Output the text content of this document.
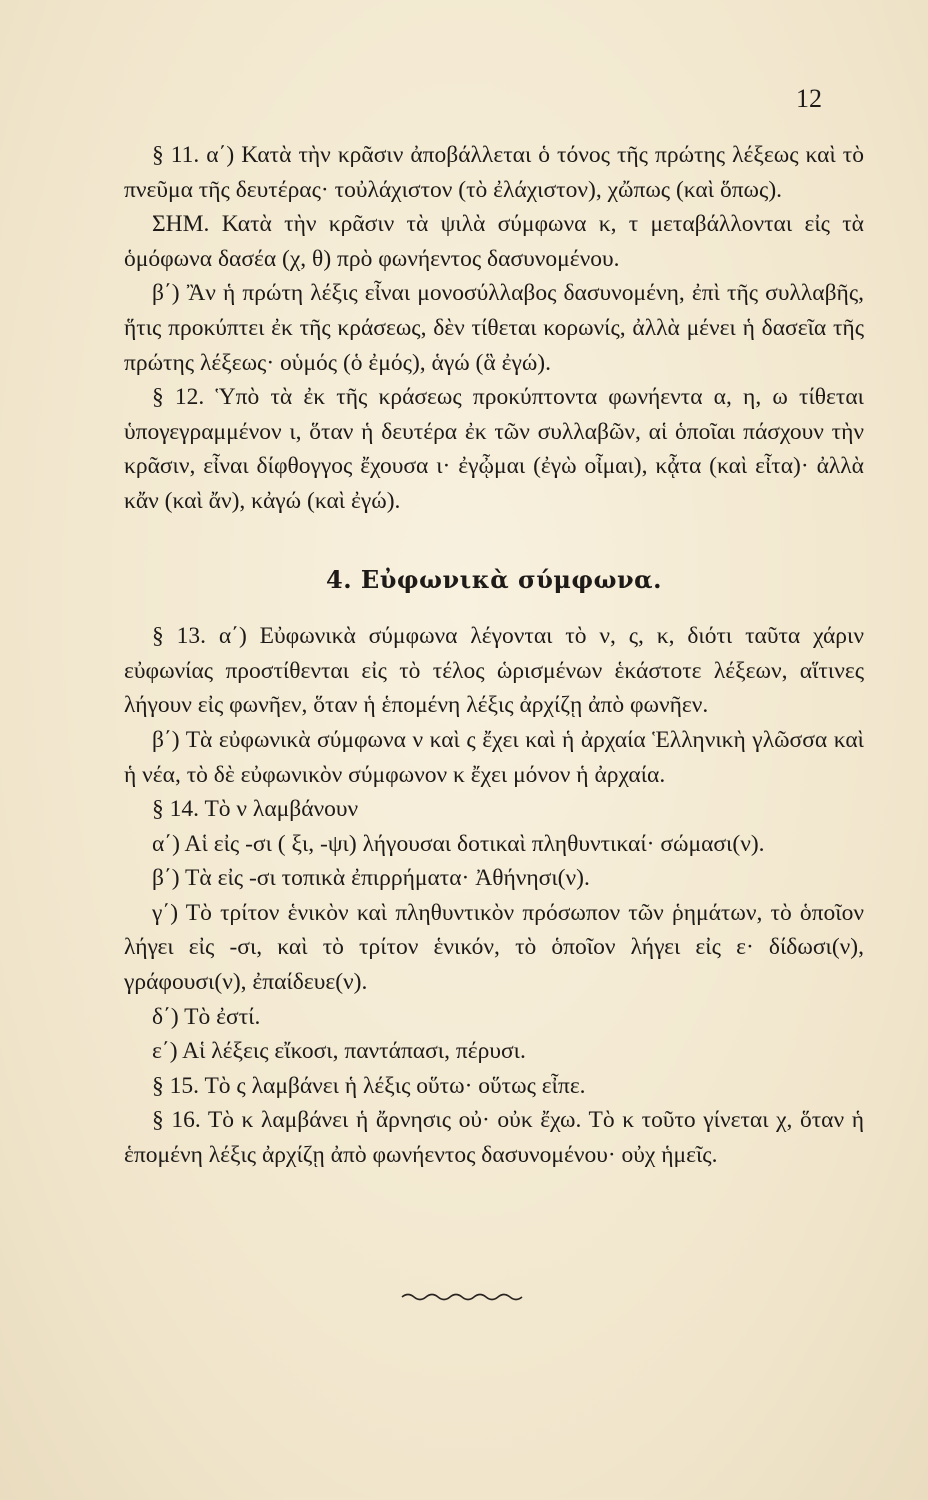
12

§ 11. α΄) Κατὰ τὴν κρᾶσιν ἀποβάλλεται ὁ τόνος τῆς πρώτης λέξεως καὶ τὸ πνεῦμα τῆς δευτέρας· τοὐλάχιστον (τὸ ἐλάχιστον), χὤπως (καὶ ὅπως).

ΣΗΜ. Κατὰ τὴν κρᾶσιν τὰ ψιλὰ σύμφωνα κ, τ μεταβάλλονται εἰς τὰ ὁμόφωνα δασέα (χ, θ) πρὸ φωνήεντος δασυνομένου.

β΄) Ἂν ἡ πρώτη λέξις εἶναι μονοσύλλαβος δασυνομένη, ἐπὶ τῆς συλλαβῆς, ἥτις προκύπτει ἐκ τῆς κράσεως, δὲν τίθεται κορωνίς, ἀλλὰ μένει ἡ δασεῖα τῆς πρώτης λέξεως· οὑμός (ὁ ἐμός), ἁγώ (ἃ ἐγώ).

§ 12. Ὑπὸ τὰ ἐκ τῆς κράσεως προκύπτοντα φωνήεντα α, η, ω τίθεται ὑπογεγραμμένον ι, ὅταν ἡ δευτέρα ἐκ τῶν συλλαβῶν, αἱ ὁποῖαι πάσχουν τὴν κρᾶσιν, εἶναι δίφθογγος ἔχουσα ι· ἐγᾦμαι (ἐγὼ οἶμαι), κᾆτα (καὶ εἶτα)· ἀλλὰ κἄν (καὶ ἄν), κἀγώ (καὶ ἐγώ).

4. Εὐφωνικὰ σύμφωνα.

§ 13. α΄) Εὐφωνικὰ σύμφωνα λέγονται τὸ ν, ς, κ, διότι ταῦτα χάριν εὐφωνίας προστίθενται εἰς τὸ τέλος ὡρισμένων ἑκάστοτε λέξεων, αἵτινες λήγουν εἰς φωνῆεν, ὅταν ἡ ἑπομένη λέξις ἀρχίζῃ ἀπὸ φωνῆεν.

β΄) Τὰ εὐφωνικὰ σύμφωνα ν καὶ ς ἔχει καὶ ἡ ἀρχαία Ἑλληνικὴ γλῶσσα καὶ ἡ νέα, τὸ δὲ εὐφωνικὸν σύμφωνον κ ἔχει μόνον ἡ ἀρχαία.

§ 14. Τὸ ν λαμβάνουν

α΄) Αἱ εἰς -σι ( ξι, -ψι) λήγουσαι δοτικαὶ πληθυντικαί· σώμασι(ν).

β΄) Τὰ εἰς -σι τοπικὰ ἐπιρρήματα· Ἀθήνησι(ν).

γ΄) Τὸ τρίτον ἑνικὸν καὶ πληθυντικὸν πρόσωπον τῶν ῥημάτων, τὸ ὁποῖον λήγει εἰς -σι, καὶ τὸ τρίτον ἑνικόν, τὸ ὁποῖον λήγει εἰς ε· δίδωσι(ν), γράφουσι(ν), ἐπαίδευε(ν).

δ΄) Τὸ ἐστί.

ε΄) Αἱ λέξεις εἴκοσι, παντάπασι, πέρυσι.

§ 15. Τὸ ς λαμβάνει ἡ λέξις οὕτω· οὕτως εἶπε.

§ 16. Τὸ κ λαμβάνει ἡ ἄρνησις οὐ· οὐκ ἔχω. Τὸ κ τοῦτο γίνεται χ, ὅταν ἡ ἑπομένη λέξις ἀρχίζῃ ἀπὸ φωνήεντος δασυνομένου· οὐχ ἡμεῖς.
